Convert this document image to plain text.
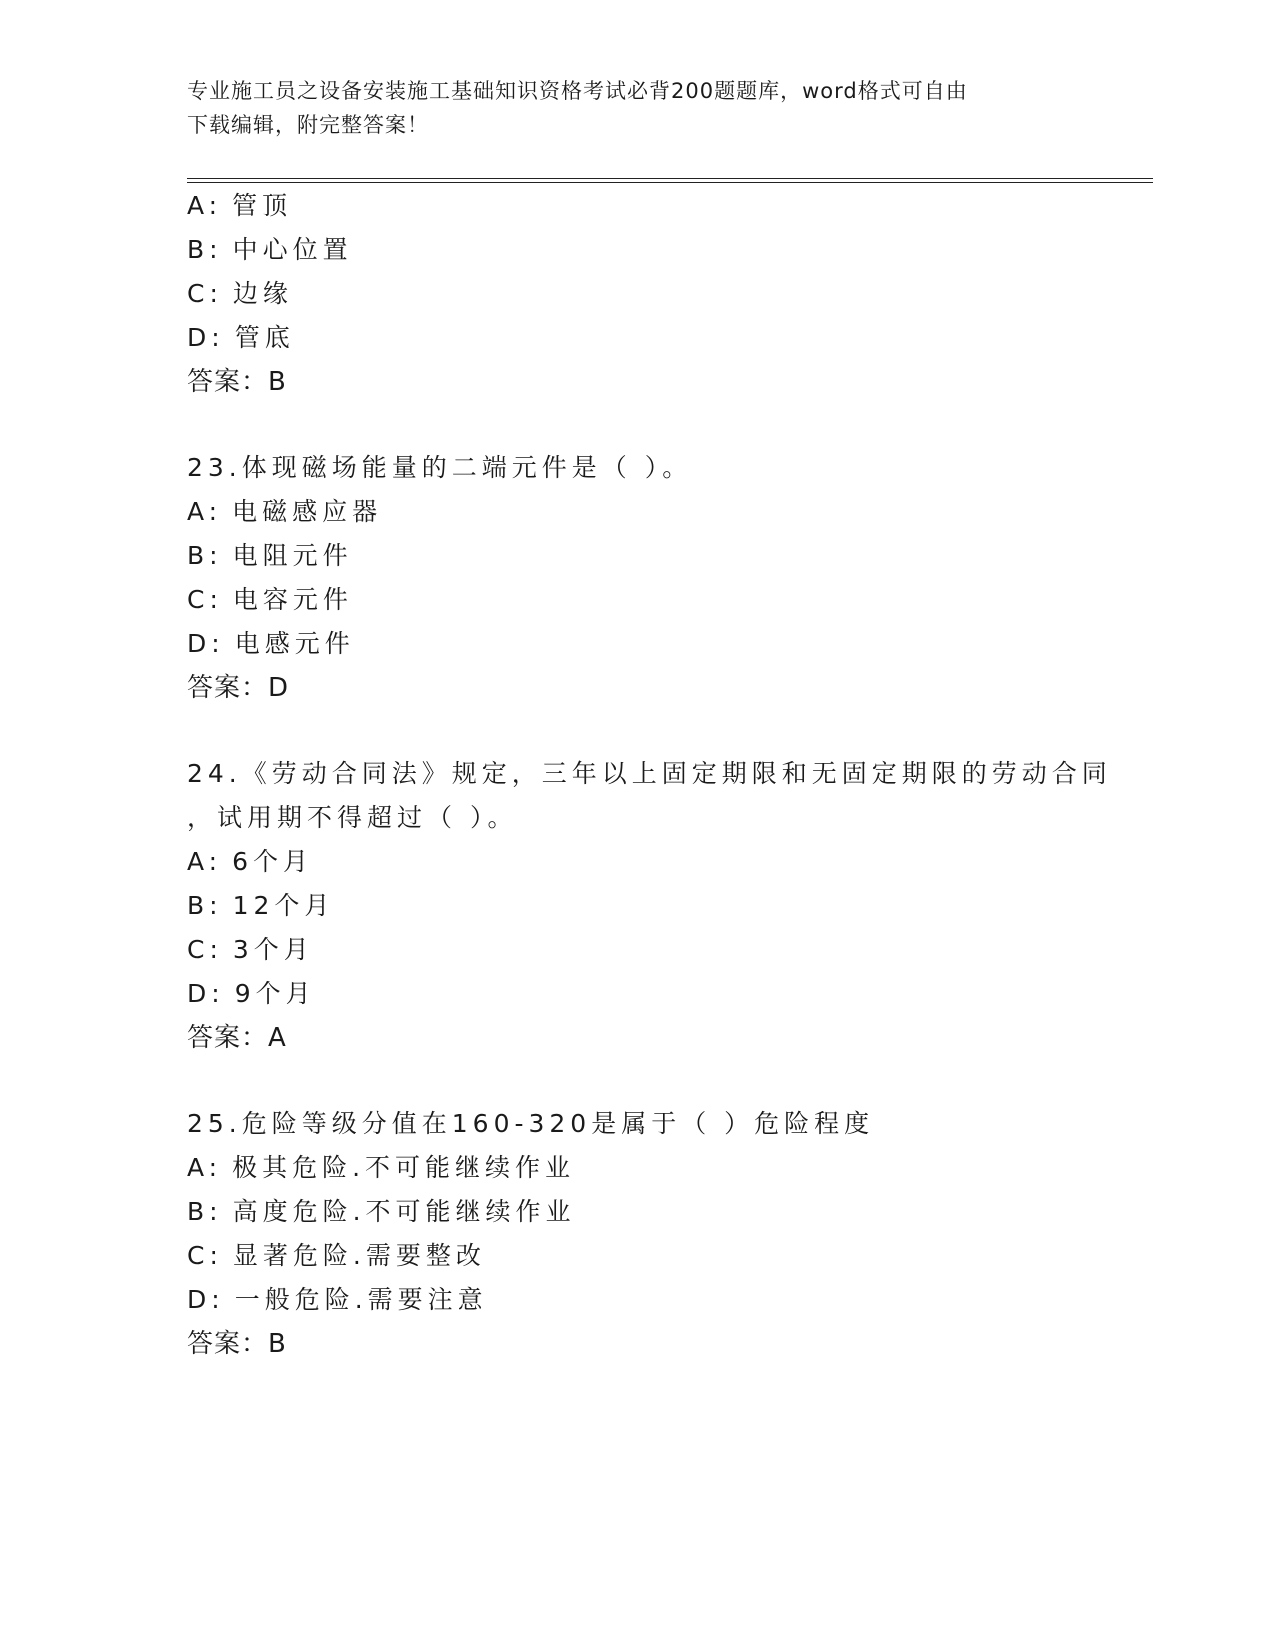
专业施工员之设备安装施工基础知识资格考试必背200题题库，word格式可自由
下载编辑，附完整答案！
A: 管顶
B: 中心位置
C: 边缘
D: 管底
答案：B
23.体现磁场能量的二端元件是（ ）。
A: 电磁感应器
B: 电阻元件
C: 电容元件
D: 电感元件
答案：D
24.《劳动合同法》规定，三年以上固定期限和无固定期限的劳动合同
，试用期不得超过（ ）。
A: 6个月
B: 12个月
C: 3个月
D: 9个月
答案：A
25.危险等级分值在160-320是属于（ ）危险程度
A: 极其危险.不可能继续作业
B: 高度危险.不可能继续作业
C: 显著危险.需要整改
D: 一般危险.需要注意
答案：B
